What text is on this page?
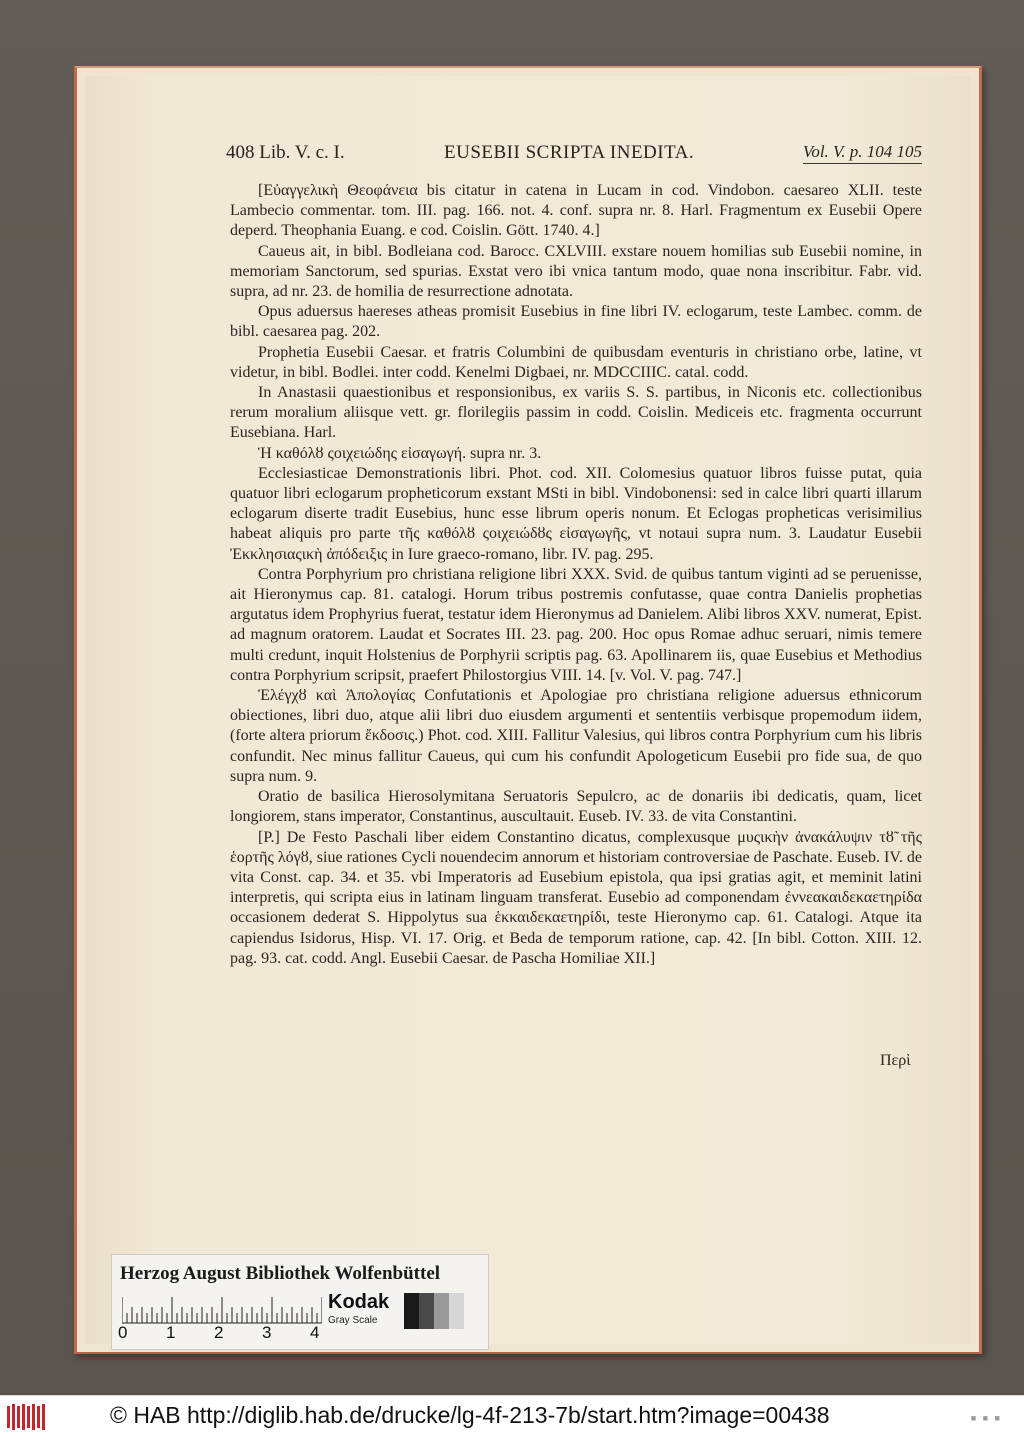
408 Lib. V. c. I.	EUSEBII SCRIPTA INEDITA.	Vol. V. p. 104 105

[Εὐαγγελικὴ Θεοφάνεια bis citatur in catena in Lucam in cod. Vindobon. caesareo XLII. teste Lambecio commentar. tom. III. pag. 166. not. 4. conf. supra nr. 8. Harl. Fragmentum ex Eusebii Opere deperd. Theophania Euang. e cod. Coislin. Gött. 1740. 4.]

Caueus ait, in bibl. Bodleiana cod. Barocc. CXLVIII. exstare nouem homilias sub Eusebii nomine, in memoriam Sanctorum, sed spurias. Exstat vero ibi vnica tantum modo, quae nona inscribitur. Fabr. vid. supra, ad nr. 23. de homilia de resurrectione adnotata.

Opus aduersus haereses atheas promisit Eusebius in fine libri IV. eclogarum, teste Lambec. comm. de bibl. caesarea pag. 202.

Prophetia Eusebii Caesar. et fratris Columbini de quibusdam eventuris in christiano orbe, latine, vt videtur, in bibl. Bodlei. inter codd. Kenelmi Digbaei, nr. MDCCIIIC. catal. codd.

In Anastasii quaestionibus et responsionibus, ex variis S. S. partibus, in Niconis etc. collectionibus rerum moralium aliisque vett. gr. florilegiis passim in codd. Coislin. Mediceis etc. fragmenta occurrunt Eusebiana. Harl.

Ἡ καθόλȣ ςοιχειώδης εἰσαγωγή. supra nr. 3.

Ecclesiasticae Demonstrationis libri. Phot. cod. XII. Colomesius quatuor libros fuisse putat, quia quatuor libri eclogarum propheticorum exstant MSti in bibl. Vindobonensi: sed in calce libri quarti illarum eclogarum diserte tradit Eusebius, hunc esse librum operis nonum. Et Eclogas propheticas verisimilius habeat aliquis pro parte τῆς καθόλȣ ςοιχειώδȣς εἰσαγωγῆς, vt notaui supra num. 3. Laudatur Eusebii Ἐκκλησιαςικὴ ἀπόδειξις in Iure graeco-romano, libr. IV. pag. 295.

Contra Porphyrium pro christiana religione libri XXX. Svid. de quibus tantum viginti ad se peruenisse, ait Hieronymus cap. 81. catalogi. Horum tribus postremis confutasse, quae contra Danielis prophetias argutatus idem Prophyrius fuerat, testatur idem Hieronymus ad Danielem. Alibi libros XXV. numerat, Epist. ad magnum oratorem. Laudat et Socrates III. 23. pag. 200. Hoc opus Romae adhuc seruari, nimis temere multi credunt, inquit Holstenius de Porphyrii scriptis pag. 63. Apollinarem iis, quae Eusebius et Methodius contra Porphyrium scripsit, praefert Philostorgius VIII. 14. [v. Vol. V. pag. 747.]

Ἐλέγχȣ καὶ Ἀπολογίας Confutationis et Apologiae pro christiana religione aduersus ethnicorum obiectiones, libri duo, atque alii libri duo eiusdem argumenti et sententiis verbisque propemodum iidem, (forte altera priorum ἔκδοσις.) Phot. cod. XIII. Fallitur Valesius, qui libros contra Porphyrium cum his libris confundit. Nec minus fallitur Caueus, qui cum his confundit Apologeticum Eusebii pro fide sua, de quo supra num. 9.

Oratio de basilica Hierosolymitana Seruatoris Sepulcro, ac de donariis ibi dedicatis, quam, licet longiorem, stans imperator, Constantinus, auscultauit. Euseb. IV. 33. de vita Constantini.

[P.] De Festo Paschali liber eidem Constantino dicatus, complexusque μυςικὴν ἀνακάλυψιν τȣ̃ τῆς ἑορτῆς λόγȣ, siue rationes Cycli nouendecim annorum et historiam controversiae de Paschate. Euseb. IV. de vita Const. cap. 34. et 35. vbi Imperatoris ad Eusebium epistola, qua ipsi gratias agit, et meminit latini interpretis, qui scripta eius in latinam linguam transferat. Eusebio ad componendam ἐννεακαιδεκαετηρίδα occasionem dederat S. Hippolytus sua ἑκκαιδεκαετηρίδι, teste Hieronymo cap. 61. Catalogi. Atque ita capiendus Isidorus, Hisp. VI. 17. Orig. et Beda de temporum ratione, cap. 42. [In bibl. Cotton. XIII. 12. pag. 93. cat. codd. Angl. Eusebii Caesar. de Pascha Homiliae XII.]

Περὶ
Herzog August Bibliothek Wolfenbüttel
0 1 2 3 4
Kodak
Gray Scale
© HAB http://diglib.hab.de/drucke/lg-4f-213-7b/start.htm?image=00438	■ ■ ■
